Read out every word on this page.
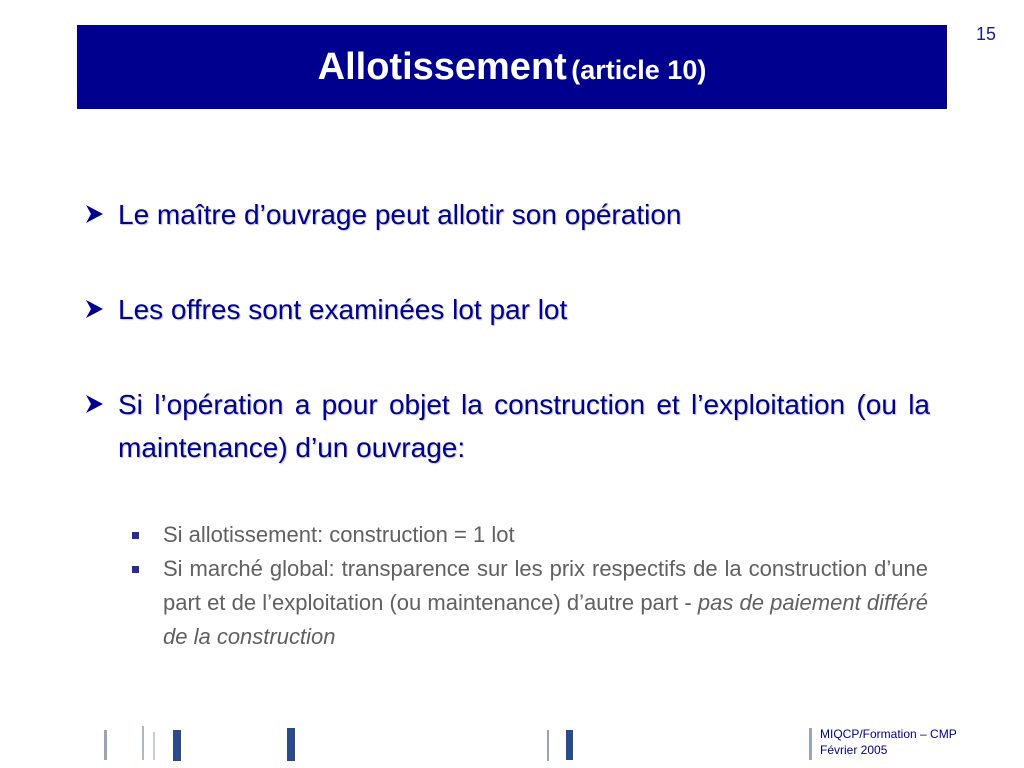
15
Allotissement (article 10)
Le maître d’ouvrage peut allotir son opération
Les offres sont examinées lot par lot
Si l’opération a pour objet la construction et l’exploitation (ou la maintenance) d’un ouvrage:
Si allotissement: construction = 1 lot
Si marché global: transparence sur les prix respectifs de la construction d’une part et de l’exploitation (ou maintenance) d’autre part - pas de paiement différé de la construction
MIQCP/Formation – CMP
Février 2005
